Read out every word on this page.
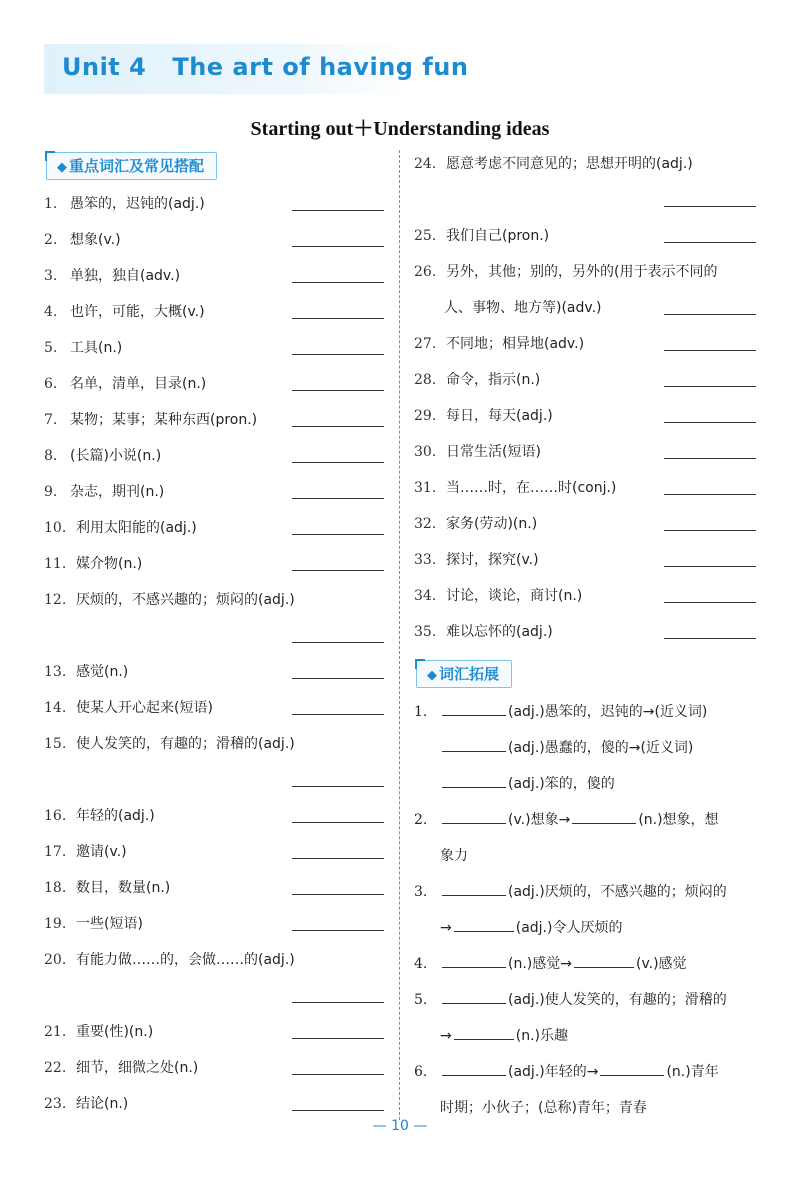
Unit 4 The art of having fun
Starting out＋Understanding ideas
◆ 重点词汇及常见搭配
1. 愚笨的，迟钝的(adj.)
2. 想象(v.)
3. 单独，独自(adv.)
4. 也许，可能，大概(v.)
5. 工具(n.)
6. 名单，清单，目录(n.)
7. 某物；某事；某种东西(pron.)
8. (长篇)小说(n.)
9. 杂志，期刊(n.)
10. 利用太阳能的(adj.)
11. 媒介物(n.)
12. 厌烦的，不感兴趣的；烦闷的(adj.)
13. 感觉(n.)
14. 使某人开心起来(短语)
15. 使人发笑的，有趣的；滑稽的(adj.)
16. 年轻的(adj.)
17. 邀请(v.)
18. 数目，数量(n.)
19. 一些(短语)
20. 有能力做……的，会做……的(adj.)
21. 重要(性)(n.)
22. 细节，细微之处(n.)
23. 结论(n.)
24. 愿意考虑不同意见的；思想开明的(adj.)
25. 我们自己(pron.)
26. 另外，其他；别的，另外的(用于表示不同的
人、事物、地方等)(adv.)
27. 不同地；相异地(adv.)
28. 命令，指示(n.)
29. 每日，每天(adj.)
30. 日常生活(短语)
31. 当……时，在……时(conj.)
32. 家务(劳动)(n.)
33. 探讨，探究(v.)
34. 讨论，谈论，商讨(n.)
35. 难以忘怀的(adj.)
◆ 词汇拓展
1.	(adj.)愚笨的，迟钝的→(近义词)
(adj.)愚蠢的，傻的→(近义词)
(adj.)笨的，傻的
2.	(v.)想象→	(n.)想象，想
象力
3.	(adj.)厌烦的，不感兴趣的；烦闷的
→	(adj.)令人厌烦的
4.	(n.)感觉→	(v.)感觉
5.	(adj.)使人发笑的，有趣的；滑稽的
→	(n.)乐趣
6.	(adj.)年轻的→	(n.)青年
时期；小伙子；(总称)青年；青春
— 10 —
